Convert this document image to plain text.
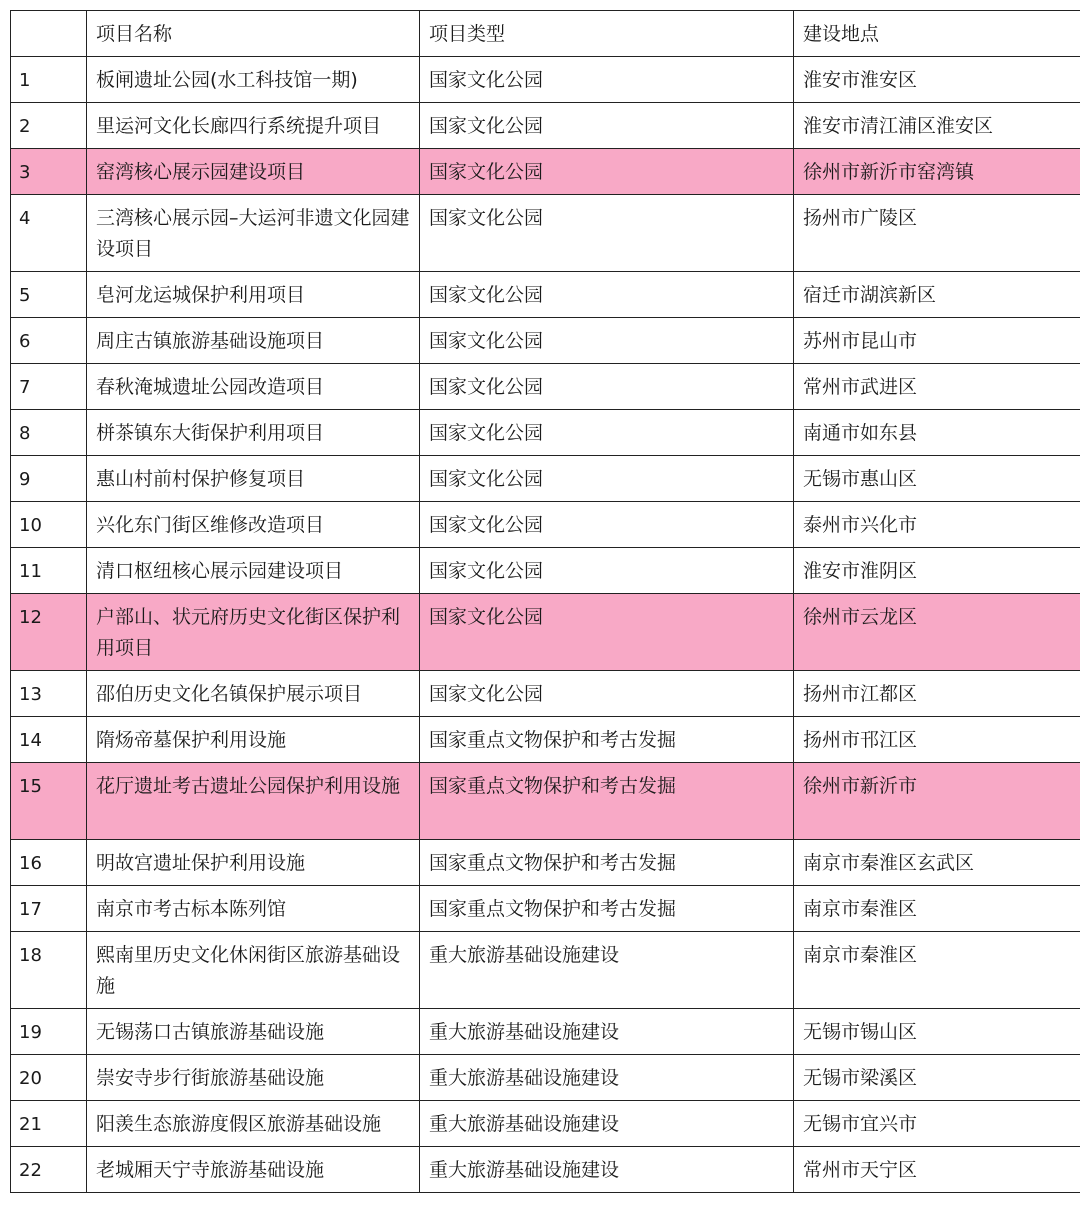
	项目名称	项目类型	建设地点
1	板闸遗址公园(水工科技馆一期)	国家文化公园	淮安市淮安区
2	里运河文化长廊四行系统提升项目	国家文化公园	淮安市清江浦区淮安区
3	窑湾核心展示园建设项目	国家文化公园	徐州市新沂市窑湾镇
4	三湾核心展示园–大运河非遗文化园建设项目	国家文化公园	扬州市广陵区
5	皂河龙运城保护利用项目	国家文化公园	宿迁市湖滨新区
6	周庄古镇旅游基础设施项目	国家文化公园	苏州市昆山市
7	春秋淹城遗址公园改造项目	国家文化公园	常州市武进区
8	栟茶镇东大街保护利用项目	国家文化公园	南通市如东县
9	惠山村前村保护修复项目	国家文化公园	无锡市惠山区
10	兴化东门街区维修改造项目	国家文化公园	泰州市兴化市
11	清口枢纽核心展示园建设项目	国家文化公园	淮安市淮阴区
12	户部山、状元府历史文化街区保护利用项目	国家文化公园	徐州市云龙区
13	邵伯历史文化名镇保护展示项目	国家文化公园	扬州市江都区
14	隋炀帝墓保护利用设施	国家重点文物保护和考古发掘	扬州市邗江区
15	花厅遗址考古遗址公园保护利用设施	国家重点文物保护和考古发掘	徐州市新沂市
16	明故宫遗址保护利用设施	国家重点文物保护和考古发掘	南京市秦淮区玄武区
17	南京市考古标本陈列馆	国家重点文物保护和考古发掘	南京市秦淮区
18	熙南里历史文化休闲街区旅游基础设施	重大旅游基础设施建设	南京市秦淮区
19	无锡荡口古镇旅游基础设施	重大旅游基础设施建设	无锡市锡山区
20	崇安寺步行街旅游基础设施	重大旅游基础设施建设	无锡市梁溪区
21	阳羡生态旅游度假区旅游基础设施	重大旅游基础设施建设	无锡市宜兴市
22	老城厢天宁寺旅游基础设施	重大旅游基础设施建设	常州市天宁区
